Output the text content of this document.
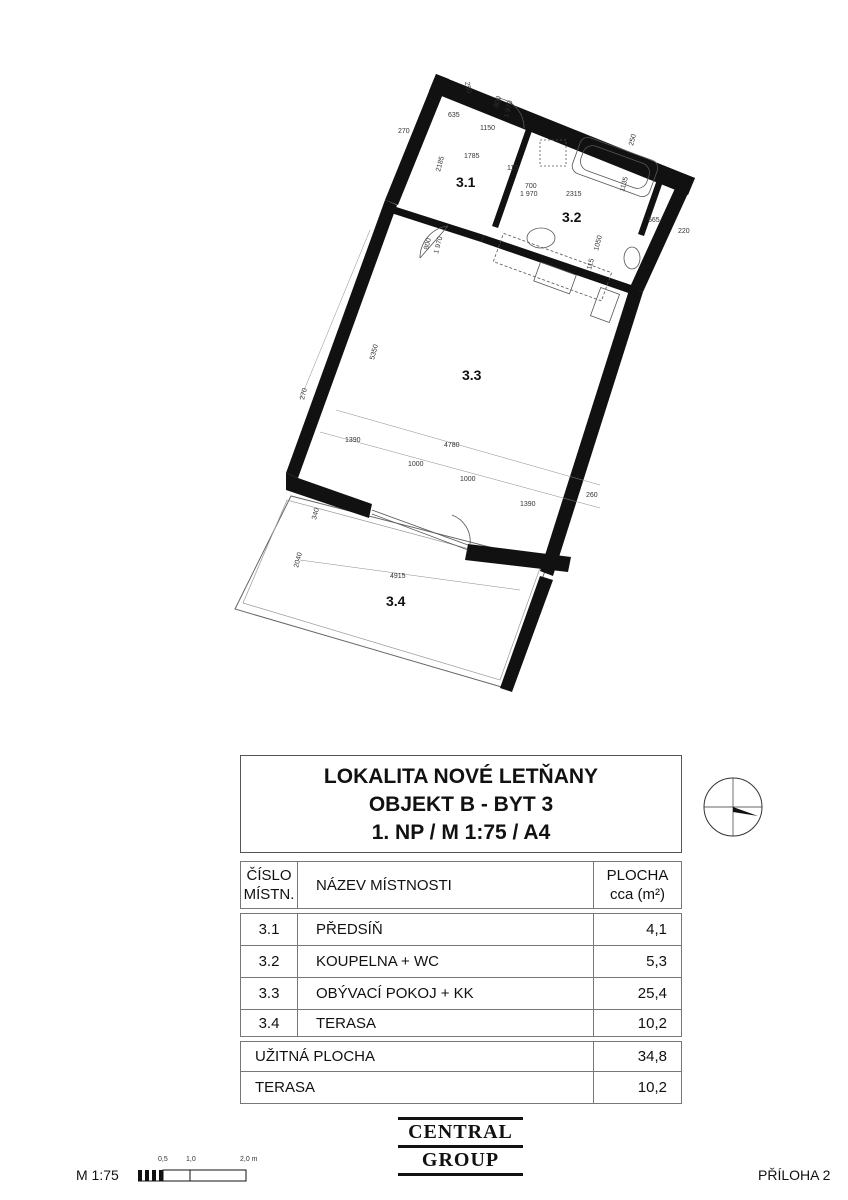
250
635
1150
800 1 970
270
1785
2185	115
700
1 970	2315
1135
250
565
220
800 1 970	1050
115
5350
270
1390
4780
1000
1000
1390
260
340
2040
4915
3.1
3.2
3.3
3.4
LOKALITA NOVÉ LETŇANY
OBJEKT B - BYT 3
1. NP / M 1:75 / A4
ČÍSLO MÍSTN.
NÁZEV MÍSTNOSTI
PLOCHA cca (m²)
3.1	PŘEDSÍŇ	4,1
3.2	KOUPELNA + WC	5,3
3.3	OBÝVACÍ POKOJ + KK	25,4
3.4	TERASA	10,2
UŽITNÁ PLOCHA	34,8
TERASA	10,2
CENTRAL
GROUP
M 1:75
0,5	1,0	2,0 m
PŘÍLOHA 2
